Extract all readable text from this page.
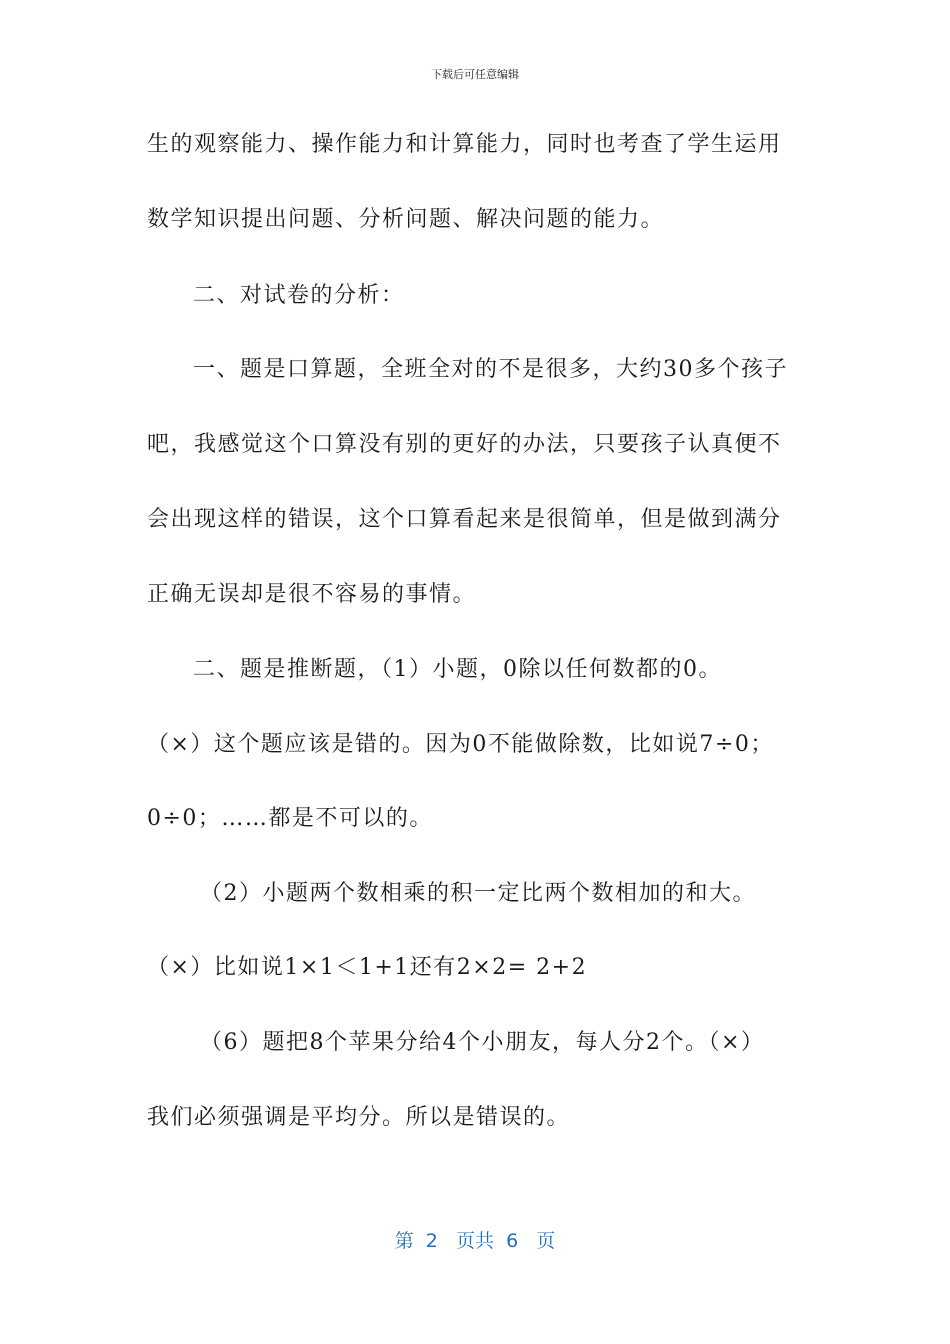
下载后可任意编辑
生的观察能力、操作能力和计算能力，同时也考查了学生运用
数学知识提出问题、分析问题、解决问题的能力。
二、对试卷的分析：
一、题是口算题，全班全对的不是很多，大约30多个孩子
吧，我感觉这个口算没有别的更好的办法，只要孩子认真便不
会出现这样的错误，这个口算看起来是很简单，但是做到满分
正确无误却是很不容易的事情。
二、题是推断题，（1）小题，0除以任何数都的0。
（×）这个题应该是错的。因为0不能做除数，比如说7÷0；
0÷0；……都是不可以的。
（2）小题两个数相乘的积一定比两个数相加的和大。
（×）比如说1×1＜1+1还有2×2= 2+2
（6）题把8个苹果分给4个小朋友，每人分2个。（×）
我们必须强调是平均分。所以是错误的。
第  2   页共  6   页
